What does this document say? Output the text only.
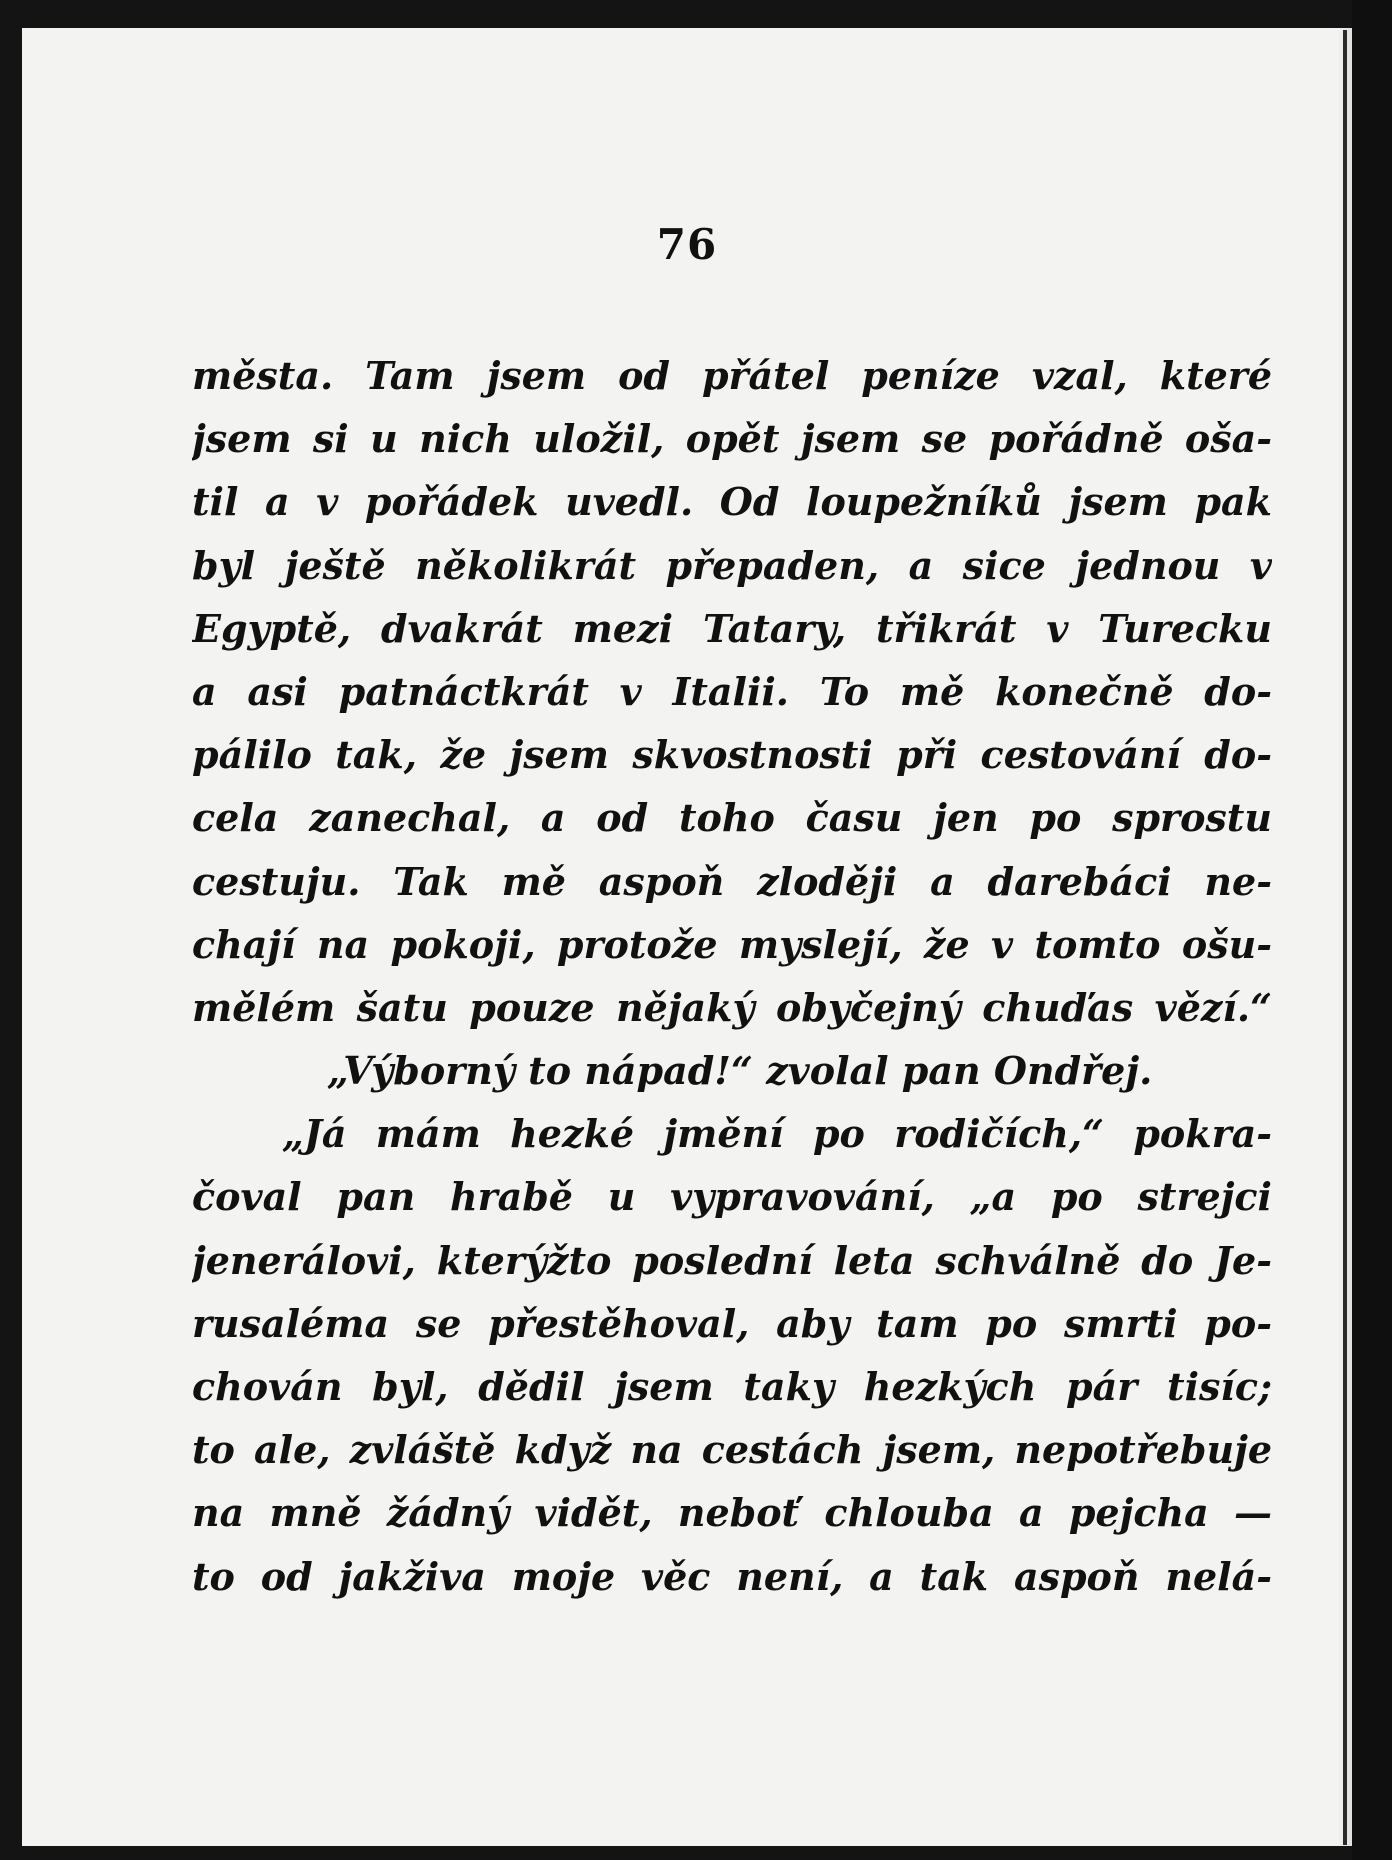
76
města. Tam jsem od přátel peníze vzal, které
jsem si u nich uložil, opět jsem se pořádně oša-
til a v pořádek uvedl. Od loupežníků jsem pak
byl ještě několikrát přepaden, a sice jednou v
Egyptě, dvakrát mezi Tatary, třikrát v Turecku
a asi patnáctkrát v Italii. To mě konečně do-
pálilo tak, že jsem skvostnosti při cestování do-
cela zanechal, a od toho času jen po sprostu
cestuju. Tak mě aspoň zloději a darebáci ne-
chají na pokoji, protože myslejí, že v tomto ošu-
mělém šatu pouze nějaký obyčejný chuďas vězí.“
„Výborný to nápad!“ zvolal pan Ondřej.
„Já mám hezké jmění po rodičích,“ pokra-
čoval pan hrabě u vypravování, „a po strejci
jenerálovi, kterýžto poslední leta schválně do Je-
rusaléma se přestěhoval, aby tam po smrti po-
chován byl, dědil jsem taky hezkých pár tisíc;
to ale, zvláště když na cestách jsem, nepotřebuje
na mně žádný vidět, neboť chlouba a pejcha —
to od jakživa moje věc není, a tak aspoň nelá-
